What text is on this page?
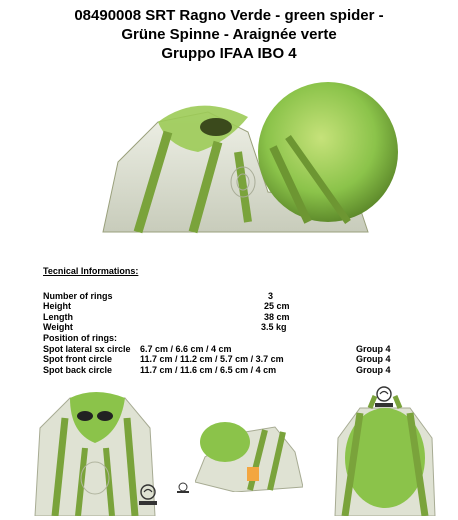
08490008 SRT Ragno Verde - green spider -
Grüne Spinne - Araignée verte
Gruppo IFAA IBO 4
Tecnical Informations:
Number of rings	3
Height	25 cm
Length	38 cm
Weight	3.5 kg
Position of rings:
Spot lateral sx circle 6.7 cm / 6.6 cm / 4 cm	Group 4
Spot front circle	11.7 cm / 11.2 cm / 5.7 cm / 3.7 cm	Group 4
Spot back circle	11.7 cm / 11.6 cm / 6.5 cm / 4 cm	Group 4
